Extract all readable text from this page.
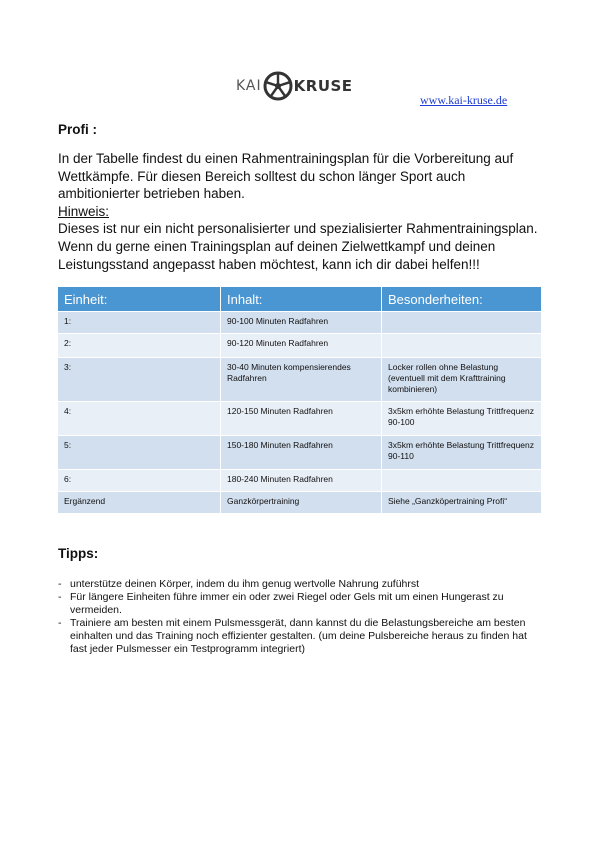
KAI KRUSE
www.kai-kruse.de
Profi :

In der Tabelle findest du einen Rahmentrainingsplan für die Vorbereitung auf Wettkämpfe. Für diesen Bereich solltest du schon länger Sport auch ambitionierter betrieben haben.

Hinweis:

Dieses ist nur ein nicht personalisierter und spezialisierter Rahmentrainingsplan. Wenn du gerne einen Trainingsplan auf deinen Zielwettkampf und deinen Leistungsstand angepasst haben möchtest, kann ich dir dabei helfen!!!

Einheit:	Inhalt:	Besonderheiten:
1:	90-100 Minuten Radfahren	
2:	90-120 Minuten Radfahren	
3:	30-40 Minuten kompensierendes Radfahren	Locker rollen ohne Belastung (eventuell mit dem Krafttraining kombinieren)
4:	120-150 Minuten Radfahren	3x5km erhöhte Belastung Trittfrequenz 90-100
5:	150-180 Minuten Radfahren	3x5km erhöhte Belastung Trittfrequenz 90-110
6:	180-240 Minuten Radfahren	
Ergänzend	Ganzkörpertraining	Siehe „Ganzköpertraining Profi“
Tipps:
- unterstütze deinen Körper, indem du ihm genug wertvolle Nahrung zuführst
- Für längere Einheiten führe immer ein oder zwei Riegel oder Gels mit um einen Hungerast zu vermeiden.
- Trainiere am besten mit einem Pulsmessgerät, dann kannst du die Belastungsbereiche am besten einhalten und das Training noch effizienter gestalten. (um deine Pulsbereiche heraus zu finden hat fast jeder Pulsmesser ein Testprogramm integriert)
